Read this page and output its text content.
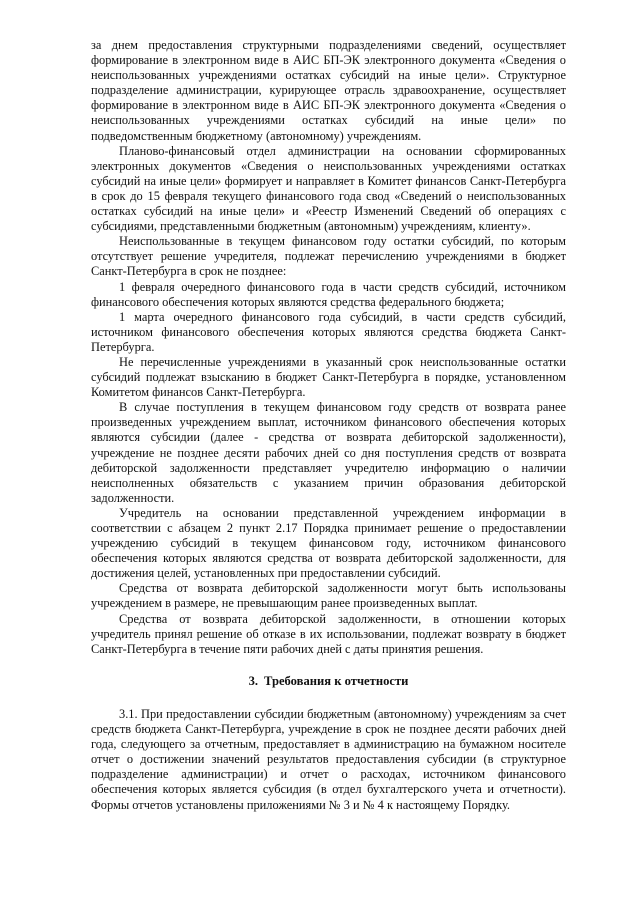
за днем предоставления структурными подразделениями сведений, осуществляет формирование в электронном виде в АИС БП-ЭК электронного документа «Сведения о неиспользованных учреждениями остатках субсидий на иные цели». Структурное подразделение администрации, курирующее отрасль здравоохранение, осуществляет формирование в электронном виде в АИС БП-ЭК электронного документа «Сведения о неиспользованных учреждениями остатках субсидий на иные цели» по подведомственным бюджетному (автономному) учреждениям.

Планово-финансовый отдел администрации на основании сформированных электронных документов «Сведения о неиспользованных учреждениями остатках субсидий на иные цели» формирует и направляет в Комитет финансов Санкт-Петербурга в срок до 15 февраля текущего финансового года свод «Сведений о неиспользованных остатках субсидий на иные цели» и «Реестр Изменений Сведений об операциях с субсидиями, представленными бюджетным (автономным) учреждениям, клиенту».

Неиспользованные в текущем финансовом году остатки субсидий, по которым отсутствует решение учредителя, подлежат перечислению учреждениями в бюджет Санкт-Петербурга в срок не позднее:

1 февраля очередного финансового года в части средств субсидий, источником финансового обеспечения которых являются средства федерального бюджета;

1 марта очередного финансового года субсидий, в части средств субсидий, источником финансового обеспечения которых являются средства бюджета Санкт-Петербурга.

Не перечисленные учреждениями в указанный срок неиспользованные остатки субсидий подлежат взысканию в бюджет Санкт-Петербурга в порядке, установленном Комитетом финансов Санкт-Петербурга.

В случае поступления в текущем финансовом году средств от возврата ранее произведенных учреждением выплат, источником финансового обеспечения которых являются субсидии (далее - средства от возврата дебиторской задолженности), учреждение не позднее десяти рабочих дней со дня поступления средств от возврата дебиторской задолженности представляет учредителю информацию о наличии неисполненных обязательств с указанием причин образования дебиторской задолженности.

Учредитель на основании представленной учреждением информации в соответствии с абзацем 2 пункт 2.17 Порядка принимает решение о предоставлении учреждению субсидий в текущем финансовом году, источником финансового обеспечения которых являются средства от возврата дебиторской задолженности, для достижения целей, установленных при предоставлении субсидий.

Средства от возврата дебиторской задолженности могут быть использованы учреждением в размере, не превышающим ранее произведенных выплат.

Средства от возврата дебиторской задолженности, в отношении которых учредитель принял решение об отказе в их использовании, подлежат возврату в бюджет Санкт-Петербурга в течение пяти рабочих дней с даты принятия решения.

3. Требования к отчетности

3.1. При предоставлении субсидии бюджетным (автономному) учреждениям за счет средств бюджета Санкт-Петербурга, учреждение в срок не позднее десяти рабочих дней года, следующего за отчетным, предоставляет в администрацию на бумажном носителе отчет о достижении значений результатов предоставления субсидии (в структурное подразделение администрации) и отчет о расходах, источником финансового обеспечения которых является субсидия (в отдел бухгалтерского учета и отчетности). Формы отчетов установлены приложениями № 3 и № 4 к настоящему Порядку.
